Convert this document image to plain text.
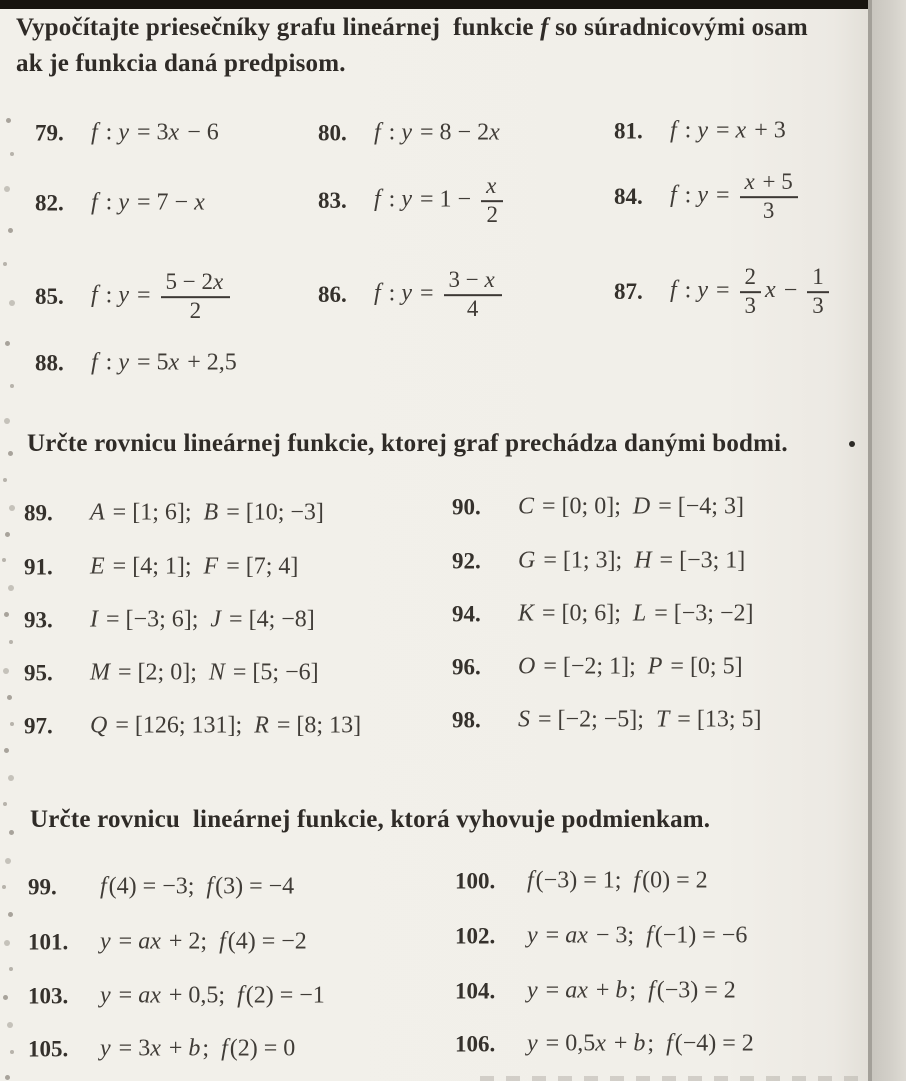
Vypočítajte priesečníky grafu lineárnej  funkcie f so súradnicovými osam
ak je funkcia daná predpisom.
79.	f : y = 3x − 6	80.	f : y = 8 − 2x	81.	f : y = x + 3
82.	f : y = 7 − x	83.	f : $y = 1 - \frac{x}{2}$	84.	f : $y = \frac{x + 5}{3}$
85.	f : $y = \frac{5 - 2x}{2}$	86.	f : $y = \frac{3 - x}{4}$	87.	f : $y = \frac{2}{3}$ $x - \frac{1}{3}$
88.	f : y = 5x + 2,5
Určte rovnicu lineárnej funkcie, ktorej graf prechádza danými bodmi.
89.	A = [1; 6];  B = [10; −3]	90.	C = [0; 0];  D = [−4; 3]
91.	E = [4; 1];  F = [7; 4]	92.	G = [1; 3];  H = [−3; 1]
93.	I = [−3; 6];  J = [4; −8]	94.	K = [0; 6];  L = [−3; −2]
95.	M = [2; 0];  N = [5; −6]	96.	O = [−2; 1];  P = [0; 5]
97.	Q = [126; 131];  R = [8; 13]	98.	S = [−2; −5];  T = [13; 5]
Určte rovnicu  lineárnej funkcie, ktorá vyhovuje podmienkam.
99.	f(4) = −3;  f(3) = −4	100.	f(−3) = 1;  f(0) = 2
101.	y = ax + 2;  f(4) = −2	102.	y = ax − 3;  f(−1) = −6
103.	y = ax + 0,5;  f(2) = −1	104.	y = ax + b;  f(−3) = 2
105.	y = 3x + b;  f(2) = 0	106.	y = 0,5x + b;  f(−4) = 2
